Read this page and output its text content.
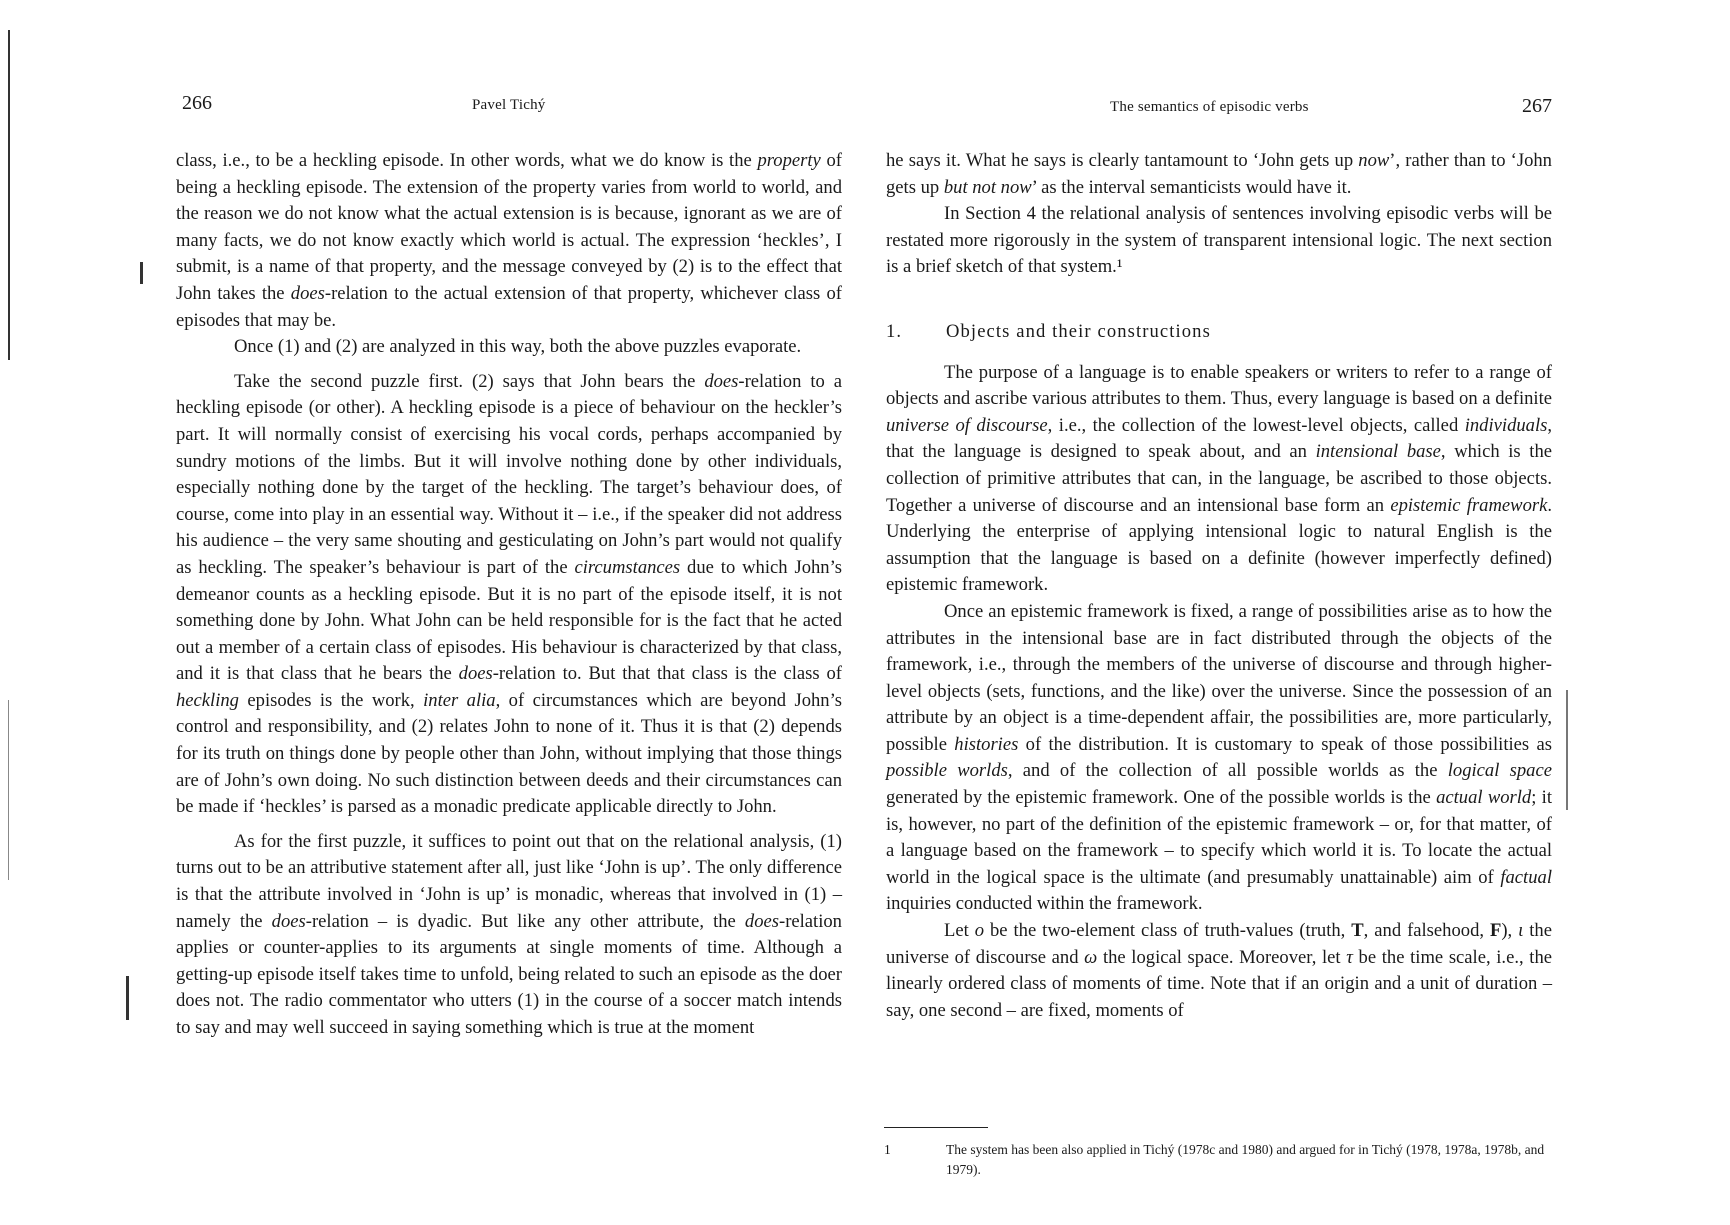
266	Pavel Tichý

class, i.e., to be a heckling episode. In other words, what we do know is the property of being a heckling episode. The extension of the property varies from world to world, and the reason we do not know what the actual extension is is because, ignorant as we are of many facts, we do not know exactly which world is actual. The expression ‘heckles’, I submit, is a name of that property, and the message conveyed by (2) is to the effect that John takes the does-relation to the actual extension of that property, whichever class of episodes that may be.

Once (1) and (2) are analyzed in this way, both the above puzzles evaporate.

Take the second puzzle first. (2) says that John bears the does-relation to a heckling episode (or other). A heckling episode is a piece of behaviour on the heckler’s part. It will normally consist of exercising his vocal cords, perhaps accompanied by sundry motions of the limbs. But it will involve nothing done by other individuals, especially nothing done by the target of the heckling. The target’s behaviour does, of course, come into play in an essential way. Without it – i.e., if the speaker did not address his audience – the very same shouting and gesticulating on John’s part would not qualify as heckling. The speaker’s behaviour is part of the circumstances due to which John’s demeanor counts as a heckling episode. But it is no part of the episode itself, it is not something done by John. What John can be held responsible for is the fact that he acted out a member of a certain class of episodes. His behaviour is characterized by that class, and it is that class that he bears the does-relation to. But that that class is the class of heckling episodes is the work, inter alia, of circumstances which are beyond John’s control and responsibility, and (2) relates John to none of it. Thus it is that (2) depends for its truth on things done by people other than John, without implying that those things are of John’s own doing. No such distinction between deeds and their circumstances can be made if ‘heckles’ is parsed as a monadic predicate applicable directly to John.

As for the first puzzle, it suffices to point out that on the relational analysis, (1) turns out to be an attributive statement after all, just like ‘John is up’. The only difference is that the attribute involved in ‘John is up’ is monadic, whereas that involved in (1) – namely the does-relation – is dyadic. But like any other attribute, the does-relation applies or counter-applies to its arguments at single moments of time. Although a getting-up episode itself takes time to unfold, being related to such an episode as the doer does not. The radio commentator who utters (1) in the course of a soccer match intends to say and may well succeed in saying something which is true at the moment

The semantics of episodic verbs	267

he says it. What he says is clearly tantamount to ‘John gets up now’, rather than to ‘John gets up but not now’ as the interval semanticists would have it.

In Section 4 the relational analysis of sentences involving episodic verbs will be restated more rigorously in the system of transparent intensional logic. The next section is a brief sketch of that system.¹

1.	Objects and their constructions

The purpose of a language is to enable speakers or writers to refer to a range of objects and ascribe various attributes to them. Thus, every language is based on a definite universe of discourse, i.e., the collection of the lowest-level objects, called individuals, that the language is designed to speak about, and an intensional base, which is the collection of primitive attributes that can, in the language, be ascribed to those objects. Together a universe of discourse and an intensional base form an epistemic framework. Underlying the enterprise of applying intensional logic to natural English is the assumption that the language is based on a definite (however imperfectly defined) epistemic framework.

Once an epistemic framework is fixed, a range of possibilities arise as to how the attributes in the intensional base are in fact distributed through the objects of the framework, i.e., through the members of the universe of discourse and through higher-level objects (sets, functions, and the like) over the universe. Since the possession of an attribute by an object is a time-dependent affair, the possibilities are, more particularly, possible histories of the distribution. It is customary to speak of those possibilities as possible worlds, and of the collection of all possible worlds as the logical space generated by the epistemic framework. One of the possible worlds is the actual world; it is, however, no part of the definition of the epistemic framework – or, for that matter, of a language based on the framework – to specify which world it is. To locate the actual world in the logical space is the ultimate (and presumably unattainable) aim of factual inquiries conducted within the framework.

Let o be the two-element class of truth-values (truth, T, and falsehood, F), ι the universe of discourse and ω the logical space. Moreover, let τ be the time scale, i.e., the linearly ordered class of moments of time. Note that if an origin and a unit of duration – say, one second – are fixed, moments of

1	The system has been also applied in Tichý (1978c and 1980) and argued for in Tichý (1978, 1978a, 1978b, and 1979).
